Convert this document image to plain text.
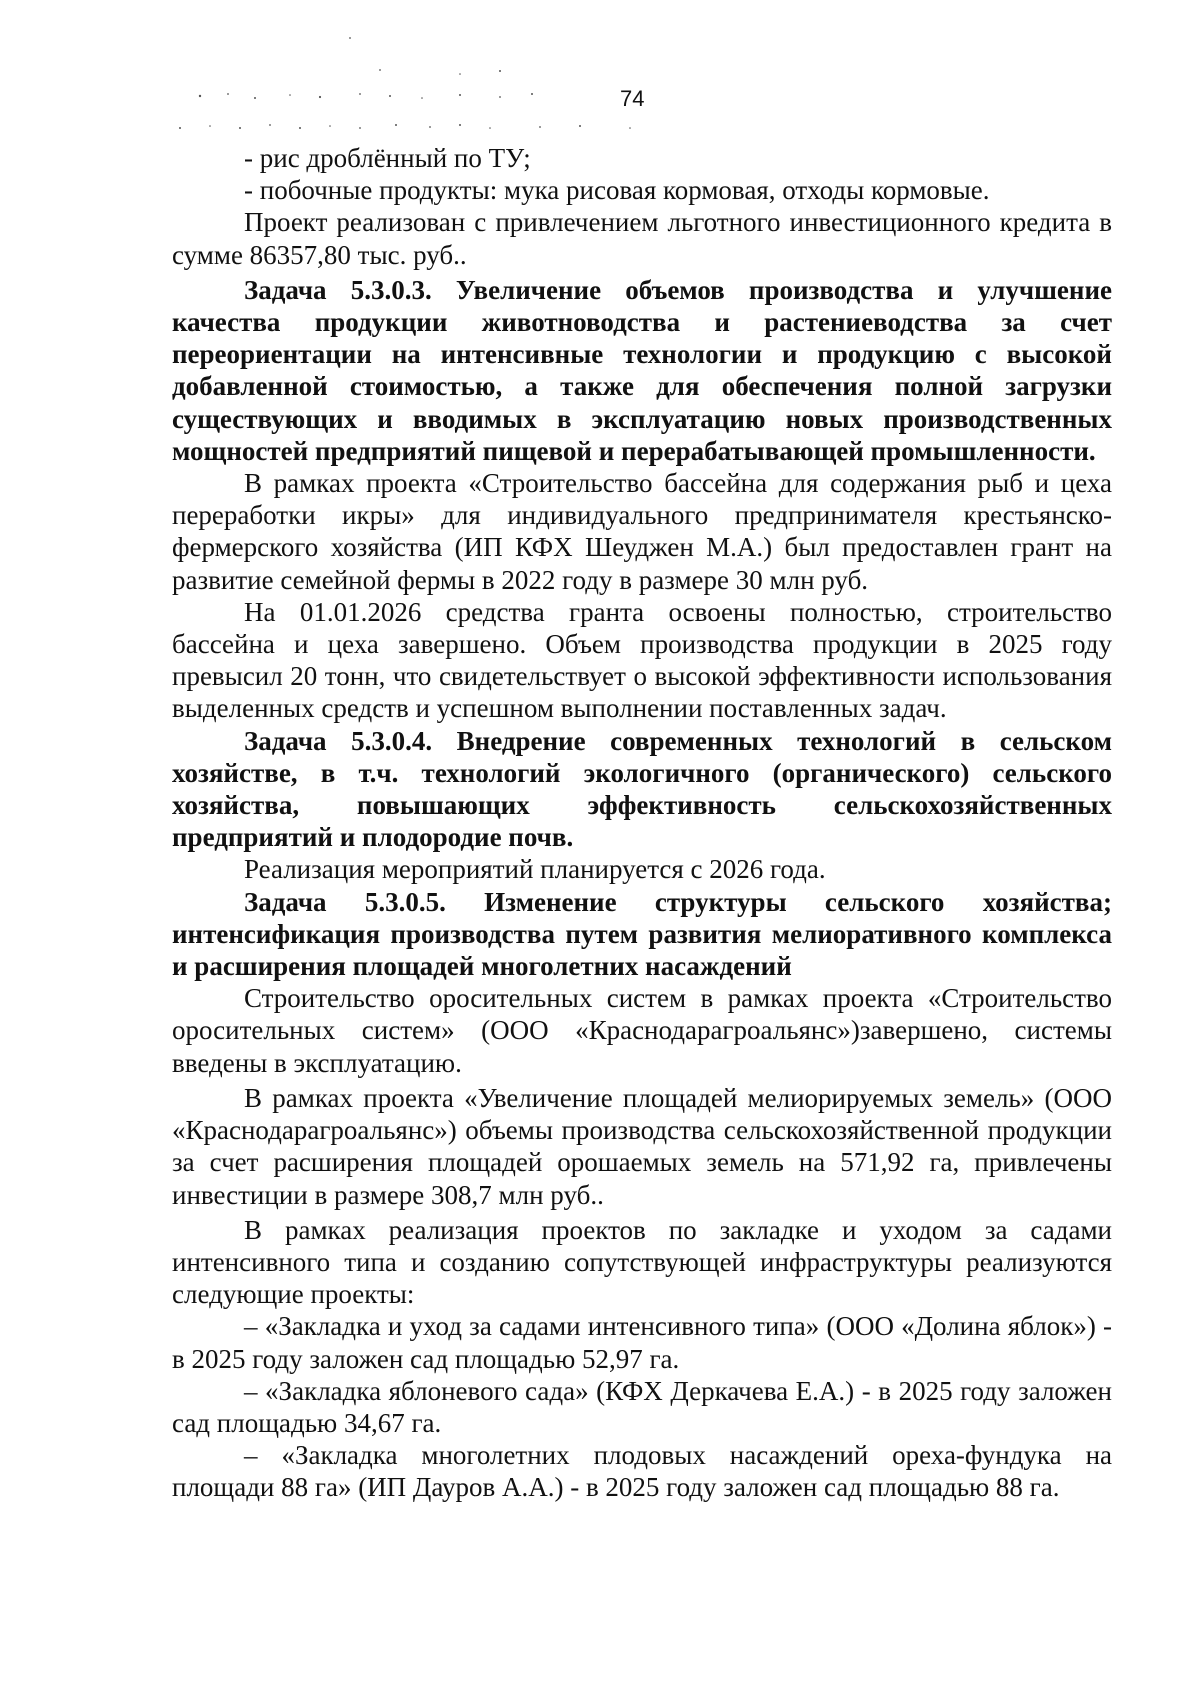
74

- рис дроблённый по ТУ;

- побочные продукты: мука рисовая кормовая, отходы кормовые.

Проект реализован с привлечением льготного инвестиционного кредита в сумме 86357,80 тыс. руб..

Задача 5.3.0.3. Увеличение объемов производства и улучшение качества продукции животноводства и растениеводства за счет переориентации на интенсивные технологии и продукцию с высокой добавленной стоимостью, а также для обеспечения полной загрузки существующих и вводимых в эксплуатацию новых производственных мощностей предприятий пищевой и перерабатывающей промышленности.

В рамках проекта «Строительство бассейна для содержания рыб и цеха переработки икры» для индивидуального предпринимателя крестьянско-фермерского хозяйства (ИП КФХ Шеуджен М.А.) был предоставлен грант на развитие семейной фермы в 2022 году в размере 30 млн руб.

На 01.01.2026 средства гранта освоены полностью, строительство бассейна и цеха завершено. Объем производства продукции в 2025 году превысил 20 тонн, что свидетельствует о высокой эффективности использования выделенных средств и успешном выполнении поставленных задач.

Задача 5.3.0.4. Внедрение современных технологий в сельском хозяйстве, в т.ч. технологий экологичного (органического) сельского хозяйства, повышающих эффективность сельскохозяйственных предприятий и плодородие почв.

Реализация мероприятий планируется с 2026 года.

Задача 5.3.0.5. Изменение структуры сельского хозяйства; интенсификация производства путем развития мелиоративного комплекса и расширения площадей многолетних насаждений

Строительство оросительных систем в рамках проекта «Строительство оросительных систем» (ООО «Краснодарагроальянс»)завершено, системы введены в эксплуатацию.

В рамках проекта «Увеличение площадей мелиорируемых земель» (ООО «Краснодарагроальянс») объемы производства сельскохозяйственной продукции за счет расширения площадей орошаемых земель на 571,92 га, привлечены инвестиции в размере 308,7 млн руб..

В рамках реализация проектов по закладке и уходом за садами интенсивного типа и созданию сопутствующей инфраструктуры реализуются следующие проекты:

– «Закладка и уход за садами интенсивного типа» (ООО «Долина яблок») - в 2025 году заложен сад площадью 52,97 га.

– «Закладка яблоневого сада» (КФХ Деркачева Е.А.) - в 2025 году заложен сад площадью 34,67 га.

– «Закладка многолетних плодовых насаждений ореха-фундука на площади 88 га» (ИП Дауров А.А.) - в 2025 году заложен сад площадью 88 га.
